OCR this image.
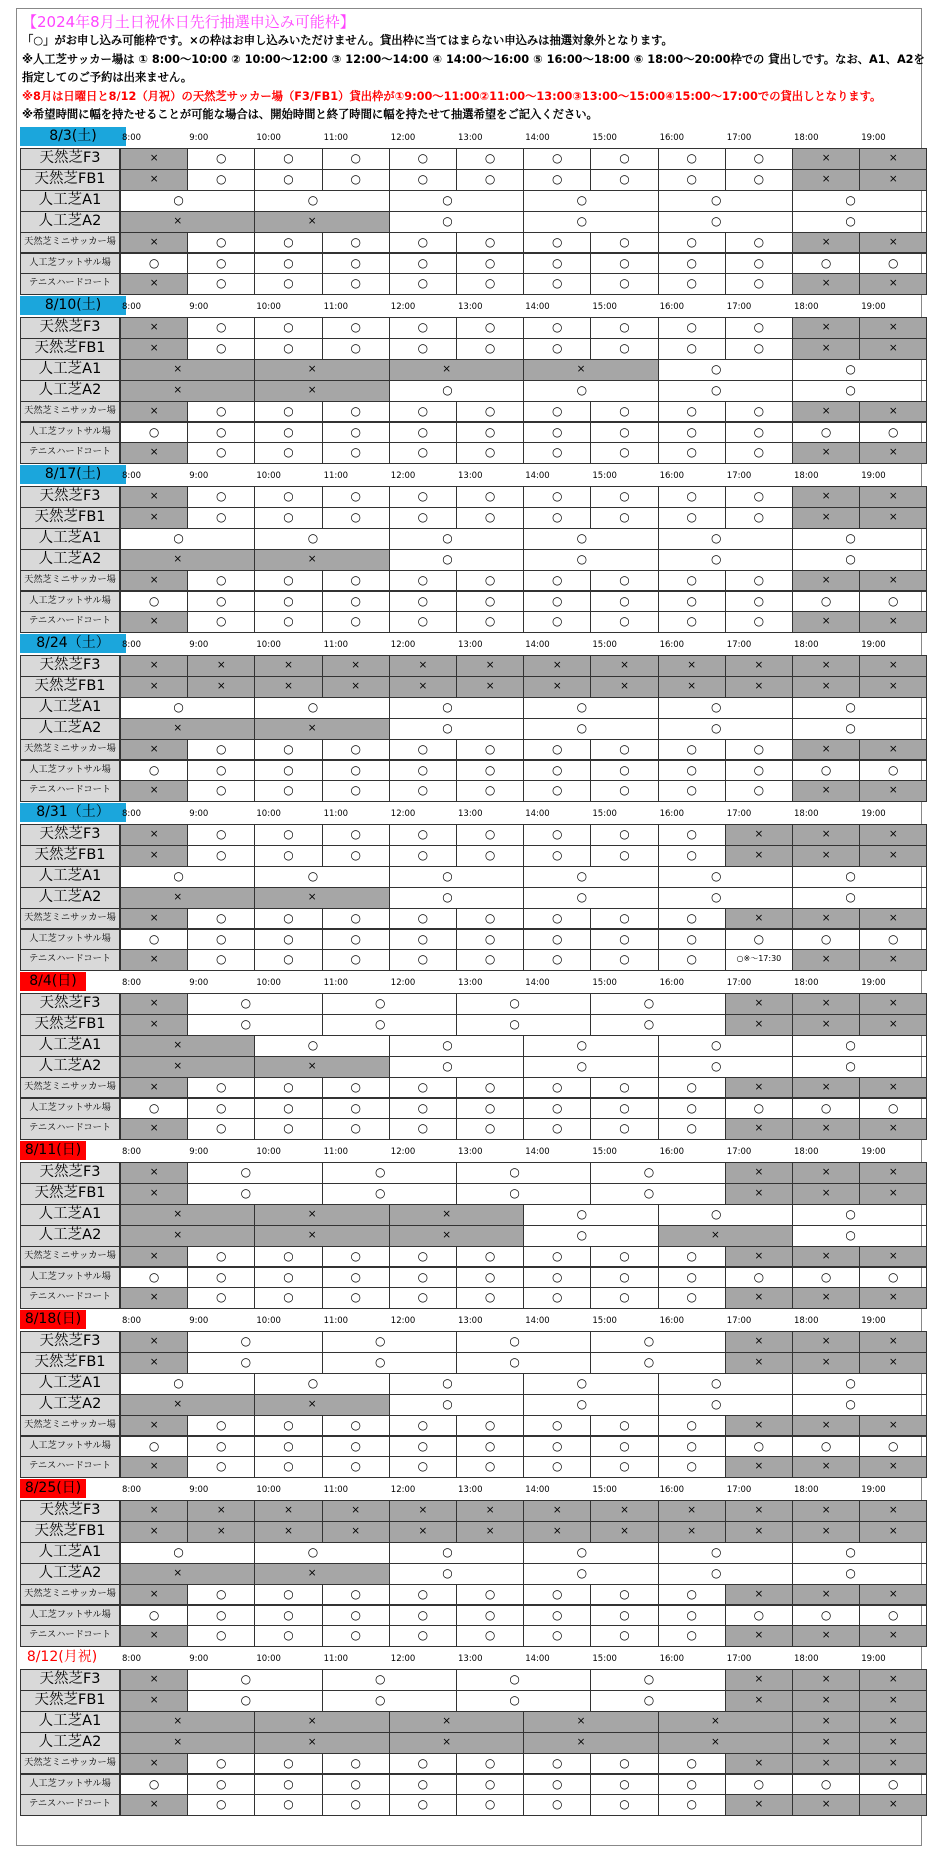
【2024年8月土日祝休日先行抽選申込み可能枠】
「○」がお申し込み可能枠です。×の枠はお申し込みいただけません。貸出枠に当てはまらない申込みは抽選対象外となります。
※人工芝サッカー場は ① 8:00～10:00 ② 10:00～12:00 ③ 12:00～14:00 ④ 14:00～16:00 ⑤ 16:00～18:00 ⑥ 18:00～20:00枠での 貸出しです。なお、A1、A2を
指定してのご予約は出来ません。
※8月は日曜日と8/12（月祝）の天然芝サッカー場（F3/FB1）貸出枠が①9:00～11:00②11:00～13:00③13:00～15:00④15:00～17:00での貸出しとなります。
※希望時間に幅を持たせることが可能な場合は、開始時間と終了時間に幅を持たせて抽選希望をご記入ください。
8/3(土)	8:00	9:00	10:00	11:00	12:00	13:00	14:00	15:00	16:00	17:00	18:00	19:00
天然芝F3	×	○	○	○	○	○	○	○	○	○	×	×
天然芝FB1	×	○	○	○	○	○	○	○	○	○	×	×
人工芝A1	○	○	○	○	○	○
人工芝A2	×	×	○	○	○	○
天然芝ミニサッカー場	×	○	○	○	○	○	○	○	○	○	×	×
人工芝フットサル場	○	○	○	○	○	○	○	○	○	○	○	○
テニスハードコート	×	○	○	○	○	○	○	○	○	○	×	×
8/10(土)	8:00	9:00	10:00	11:00	12:00	13:00	14:00	15:00	16:00	17:00	18:00	19:00
天然芝F3	×	○	○	○	○	○	○	○	○	○	×	×
天然芝FB1	×	○	○	○	○	○	○	○	○	○	×	×
人工芝A1	×	×	×	×	○	○
人工芝A2	×	×	○	○	○	○
天然芝ミニサッカー場	×	○	○	○	○	○	○	○	○	○	×	×
人工芝フットサル場	○	○	○	○	○	○	○	○	○	○	○	○
テニスハードコート	×	○	○	○	○	○	○	○	○	○	×	×
8/17(土)	8:00	9:00	10:00	11:00	12:00	13:00	14:00	15:00	16:00	17:00	18:00	19:00
天然芝F3	×	○	○	○	○	○	○	○	○	○	×	×
天然芝FB1	×	○	○	○	○	○	○	○	○	○	×	×
人工芝A1	○	○	○	○	○	○
人工芝A2	×	×	○	○	○	○
天然芝ミニサッカー場	×	○	○	○	○	○	○	○	○	○	×	×
人工芝フットサル場	○	○	○	○	○	○	○	○	○	○	○	○
テニスハードコート	×	○	○	○	○	○	○	○	○	○	×	×
8/24（土）	8:00	9:00	10:00	11:00	12:00	13:00	14:00	15:00	16:00	17:00	18:00	19:00
天然芝F3	×	×	×	×	×	×	×	×	×	×	×	×
天然芝FB1	×	×	×	×	×	×	×	×	×	×	×	×
人工芝A1	○	○	○	○	○	○
人工芝A2	×	×	○	○	○	○
天然芝ミニサッカー場	×	○	○	○	○	○	○	○	○	○	×	×
人工芝フットサル場	○	○	○	○	○	○	○	○	○	○	○	○
テニスハードコート	×	○	○	○	○	○	○	○	○	○	×	×
8/31（土）	8:00	9:00	10:00	11:00	12:00	13:00	14:00	15:00	16:00	17:00	18:00	19:00
天然芝F3	×	○	○	○	○	○	○	○	○	×	×	×
天然芝FB1	×	○	○	○	○	○	○	○	○	×	×	×
人工芝A1	○	○	○	○	○	○
人工芝A2	×	×	○	○	○	○
天然芝ミニサッカー場	×	○	○	○	○	○	○	○	○	×	×	×
人工芝フットサル場	○	○	○	○	○	○	○	○	○	○	○	○
テニスハードコート	×	○	○	○	○	○	○	○	○	○※～17:30	×	×
8/4(日)	8:00	9:00	10:00	11:00	12:00	13:00	14:00	15:00	16:00	17:00	18:00	19:00
天然芝F3	×	○	○	○	○	×	×	×
天然芝FB1	×	○	○	○	○	×	×	×
人工芝A1	×	○	○	○	○	○
人工芝A2	×	×	○	○	○	○
天然芝ミニサッカー場	×	○	○	○	○	○	○	○	○	×	×	×
人工芝フットサル場	○	○	○	○	○	○	○	○	○	○	○	○
テニスハードコート	×	○	○	○	○	○	○	○	○	×	×	×
8/11(日)	8:00	9:00	10:00	11:00	12:00	13:00	14:00	15:00	16:00	17:00	18:00	19:00
天然芝F3	×	○	○	○	○	×	×	×
天然芝FB1	×	○	○	○	○	×	×	×
人工芝A1	×	×	×	○	○	○
人工芝A2	×	×	×	○	×	○
天然芝ミニサッカー場	×	○	○	○	○	○	○	○	○	×	×	×
人工芝フットサル場	○	○	○	○	○	○	○	○	○	○	○	○
テニスハードコート	×	○	○	○	○	○	○	○	○	×	×	×
8/18(日)	8:00	9:00	10:00	11:00	12:00	13:00	14:00	15:00	16:00	17:00	18:00	19:00
天然芝F3	×	○	○	○	○	×	×	×
天然芝FB1	×	○	○	○	○	×	×	×
人工芝A1	○	○	○	○	○	○
人工芝A2	×	×	○	○	○	○
天然芝ミニサッカー場	×	○	○	○	○	○	○	○	○	×	×	×
人工芝フットサル場	○	○	○	○	○	○	○	○	○	○	○	○
テニスハードコート	×	○	○	○	○	○	○	○	○	×	×	×
8/25(日)	8:00	9:00	10:00	11:00	12:00	13:00	14:00	15:00	16:00	17:00	18:00	19:00
天然芝F3	×	×	×	×	×	×	×	×	×	×	×	×
天然芝FB1	×	×	×	×	×	×	×	×	×	×	×	×
人工芝A1	○	○	○	○	○	○
人工芝A2	×	×	○	○	○	○
天然芝ミニサッカー場	×	○	○	○	○	○	○	○	○	×	×	×
人工芝フットサル場	○	○	○	○	○	○	○	○	○	○	○	○
テニスハードコート	×	○	○	○	○	○	○	○	○	×	×	×
8/12(月祝)	8:00	9:00	10:00	11:00	12:00	13:00	14:00	15:00	16:00	17:00	18:00	19:00
天然芝F3	×	○	○	○	○	×	×	×
天然芝FB1	×	○	○	○	○	×	×	×
人工芝A1	×	×	×	×	×	×	×
人工芝A2	×	×	×	×	×	×	×
天然芝ミニサッカー場	×	○	○	○	○	○	○	○	○	×	×	×
人工芝フットサル場	○	○	○	○	○	○	○	○	○	○	○	○
テニスハードコート	×	○	○	○	○	○	○	○	○	×	×	×
